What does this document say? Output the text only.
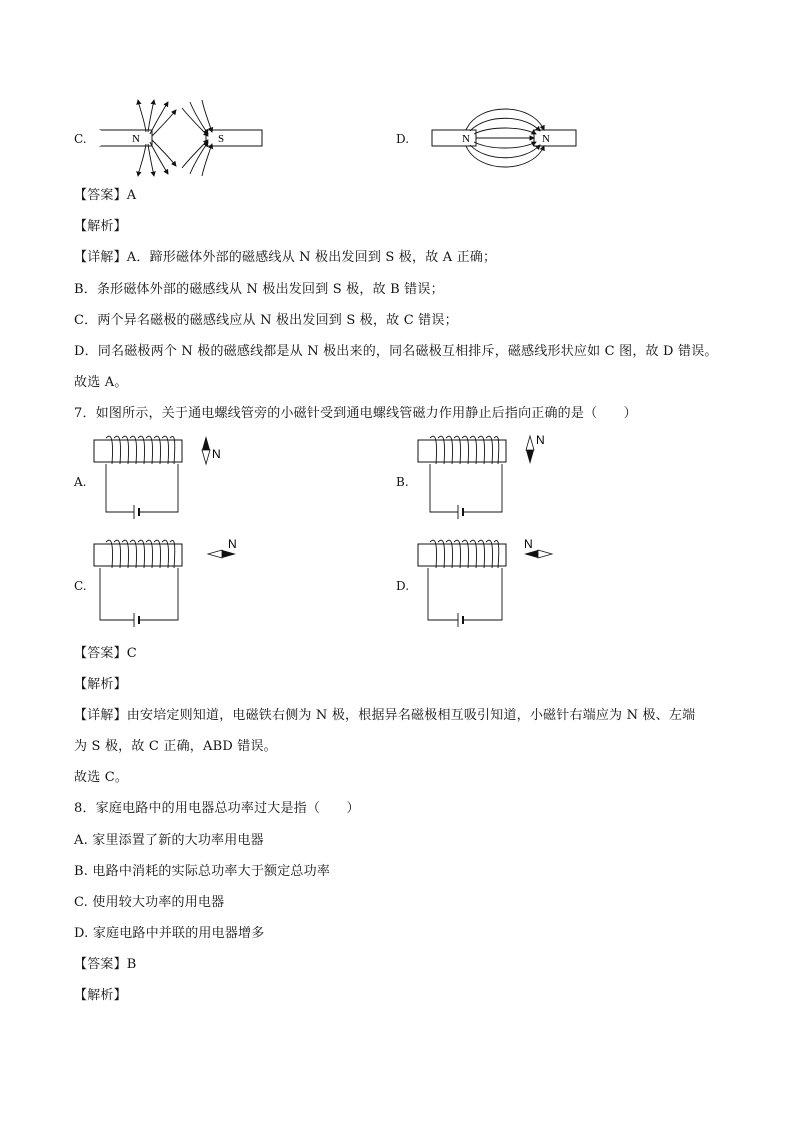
C.	N	S	D.	N	N
【答案】A
【解析】
【详解】A．蹄形磁体外部的磁感线从 N 极出发回到 S 极，故 A 正确；
B．条形磁体外部的磁感线从 N 极出发回到 S 极，故 B 错误；
C．两个异名磁极的磁感线应从 N 极出发回到 S 极，故 C 错误；
D．同名磁极两个 N 极的磁感线都是从 N 极出来的，同名磁极互相排斥，磁感线形状应如 C 图，故 D 错误。
故选 A。
7．如图所示，关于通电螺线管旁的小磁针受到通电螺线管磁力作用静止后指向正确的是（　　）
A.
N
B.
N
C.
N
D.
N
【答案】C
【解析】
【详解】由安培定则知道，电磁铁右侧为 N 极，根据异名磁极相互吸引知道，小磁针右端应为 N 极、左端
为 S 极，故 C 正确，ABD 错误。
故选 C。
8．家庭电路中的用电器总功率过大是指（　　）
A. 家里添置了新的大功率用电器
B. 电路中消耗的实际总功率大于额定总功率
C. 使用较大功率的用电器
D. 家庭电路中并联的用电器增多
【答案】B
【解析】
